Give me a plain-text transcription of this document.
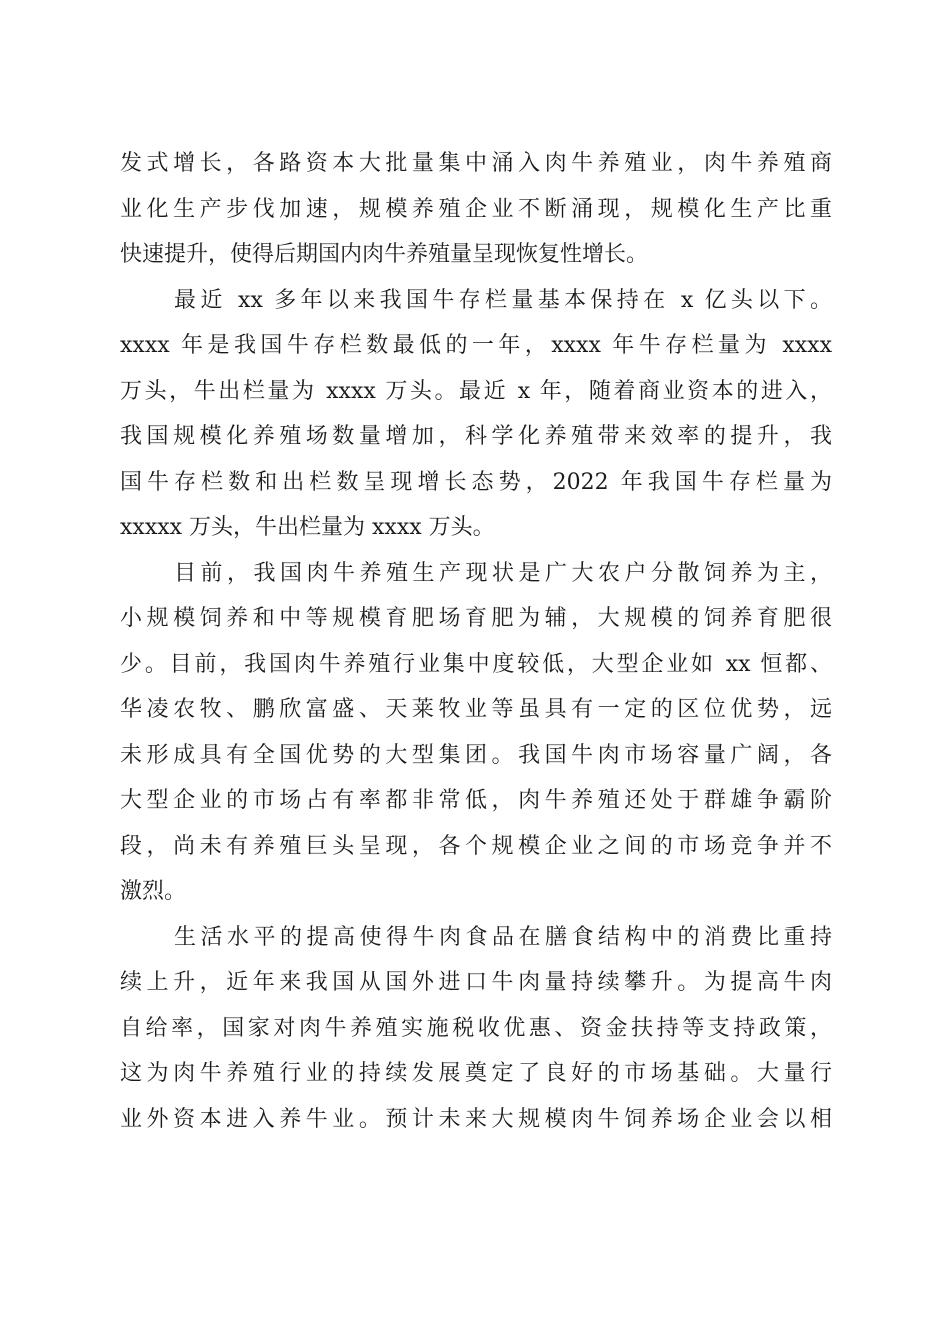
发式增长，各路资本大批量集中涌入肉牛养殖业，肉牛养殖商
业化生产步伐加速，规模养殖企业不断涌现，规模化生产比重
快速提升，使得后期国内肉牛养殖量呈现恢复性增长。
最近 xx 多年以来我国牛存栏量基本保持在 x 亿头以下。
xxxx 年是我国牛存栏数最低的一年，xxxx 年牛存栏量为 xxxx
万头，牛出栏量为 xxxx 万头。最近 x 年，随着商业资本的进入，
我国规模化养殖场数量增加，科学化养殖带来效率的提升，我
国牛存栏数和出栏数呈现增长态势，2022 年我国牛存栏量为
xxxxx 万头，牛出栏量为 xxxx 万头。
目前，我国肉牛养殖生产现状是广大农户分散饲养为主，
小规模饲养和中等规模育肥场育肥为辅，大规模的饲养育肥很
少。目前，我国肉牛养殖行业集中度较低，大型企业如 xx 恒都、
华凌农牧、鹏欣富盛、天莱牧业等虽具有一定的区位优势，远
未形成具有全国优势的大型集团。我国牛肉市场容量广阔，各
大型企业的市场占有率都非常低，肉牛养殖还处于群雄争霸阶
段，尚未有养殖巨头呈现，各个规模企业之间的市场竞争并不
激烈。
生活水平的提高使得牛肉食品在膳食结构中的消费比重持
续上升，近年来我国从国外进口牛肉量持续攀升。为提高牛肉
自给率，国家对肉牛养殖实施税收优惠、资金扶持等支持政策，
这为肉牛养殖行业的持续发展奠定了良好的市场基础。大量行
业外资本进入养牛业。预计未来大规模肉牛饲养场企业会以相
